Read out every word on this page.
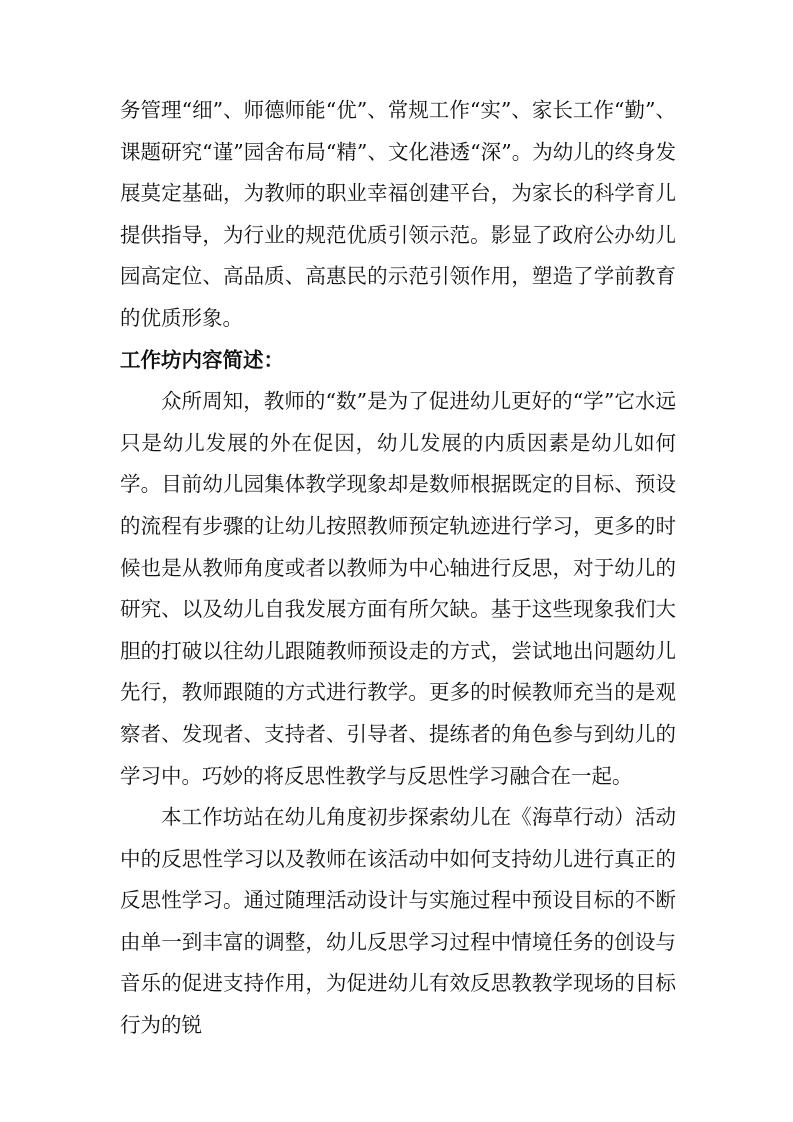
务管理“细”、师德师能“优”、常规工作“实”、家长工作“勤”、课题研究“谨”园舍布局“精”、文化港透“深”。为幼儿的终身发展莫定基础，为教师的职业幸福创建平台，为家长的科学育儿提供指导，为行业的规范优质引领示范。影显了政府公办幼儿园高定位、高品质、高惠民的示范引领作用，塑造了学前教育的优质形象。

工作坊内容简述：

众所周知，教师的“数”是为了促进幼儿更好的“学”它水远只是幼儿发展的外在促因，幼儿发展的内质因素是幼儿如何学。目前幼儿园集体教学现象却是数师根据既定的目标、预设的流程有步骤的让幼儿按照教师预定轨迹进行学习，更多的时候也是从教师角度或者以教师为中心轴进行反思，对于幼儿的研究、以及幼儿自我发展方面有所欠缺。基于这些现象我们大胆的打破以往幼儿跟随教师预设走的方式，尝试地出问题幼儿先行，教师跟随的方式进行教学。更多的时候教师充当的是观察者、发现者、支持者、引导者、提练者的角色参与到幼儿的学习中。巧妙的将反思性教学与反思性学习融合在一起。

本工作坊站在幼儿角度初步探索幼儿在《海草行动）活动中的反思性学习以及教师在该活动中如何支持幼儿进行真正的反思性学习。通过随理活动设计与实施过程中预设目标的不断由单一到丰富的调整，幼儿反思学习过程中情境任务的创设与音乐的促进支持作用，为促进幼儿有效反思教教学现场的目标行为的锐
